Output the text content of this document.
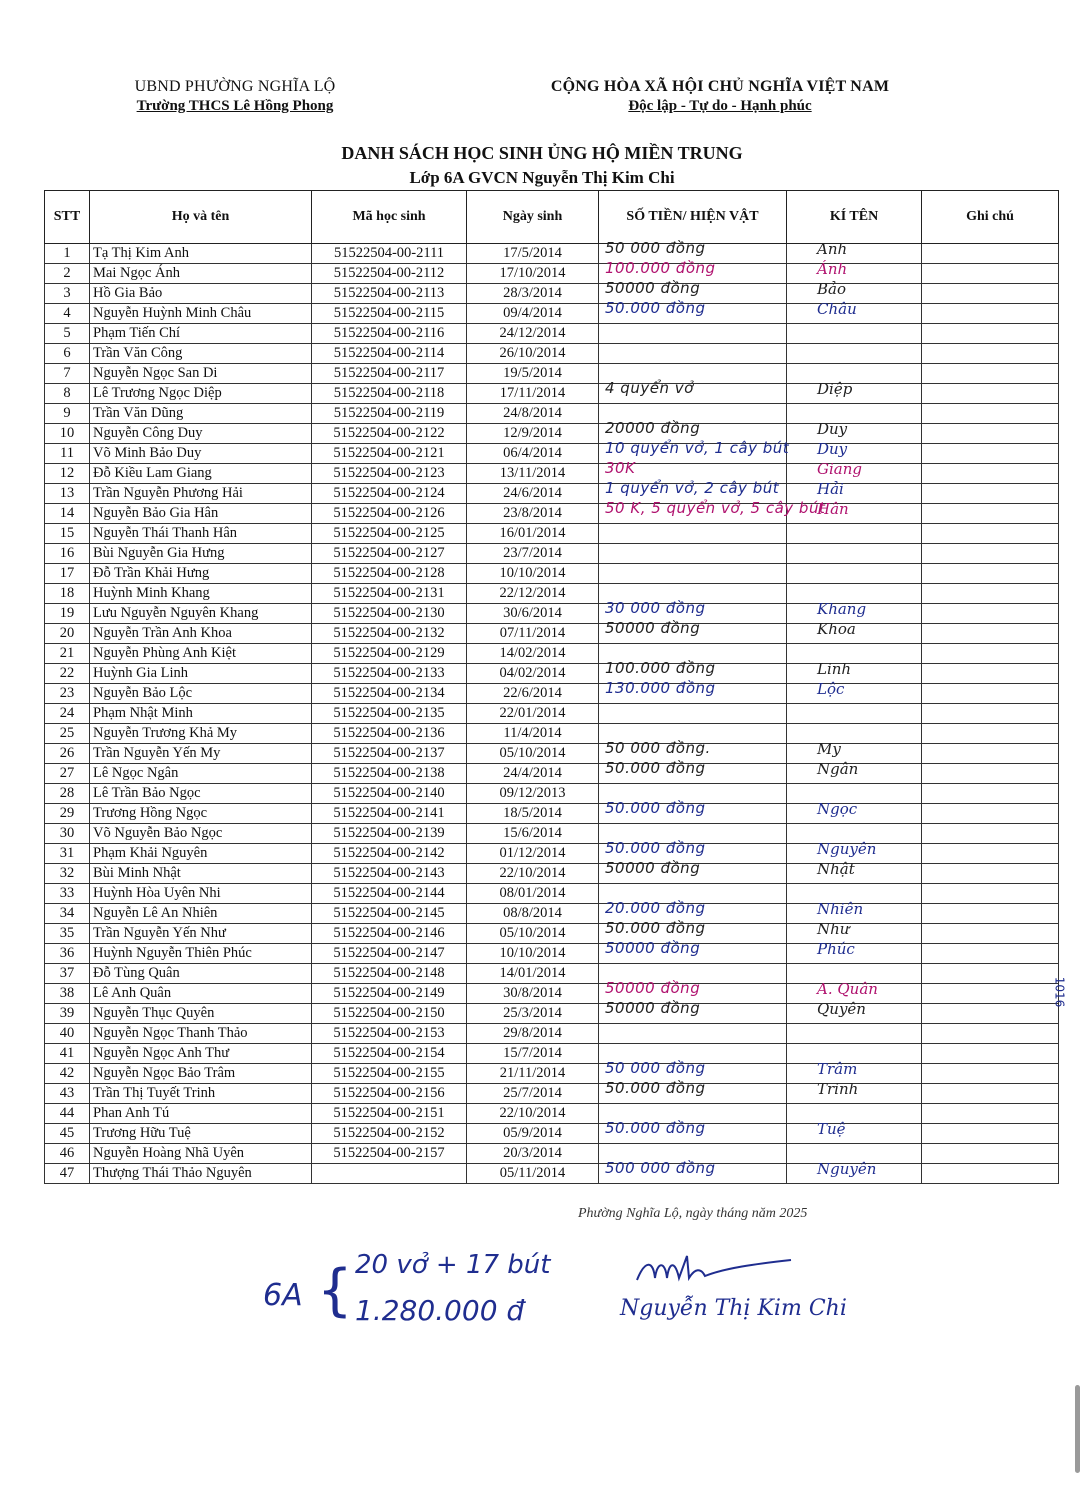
UBND PHƯỜNG NGHĨA LỘ
Trường THCS Lê Hồng Phong
CỘNG HÒA XÃ HỘI CHỦ NGHĨA VIỆT NAM
Độc lập - Tự do - Hạnh phúc
DANH SÁCH HỌC SINH ỦNG HỘ MIỀN TRUNG
Lớp 6A GVCN Nguyễn Thị Kim Chi
STT	Họ và tên	Mã học sinh	Ngày sinh	SỐ TIỀN/ HIỆN VẬT	KÍ TÊN	Ghi chú
1	Tạ Thị Kim Anh	51522504-00-2111	17/5/2014	50 000 đồng	Anh	

2	Mai Ngọc Ánh	51522504-00-2112	17/10/2014	100.000 đồng	Ánh	

3	Hồ Gia Bảo	51522504-00-2113	28/3/2014	50000 đồng	Bảo	

4	Nguyễn Huỳnh Minh Châu	51522504-00-2115	09/4/2014	50.000 đồng	Châu	

5	Phạm Tiến Chí	51522504-00-2116	24/12/2014	

6	Trần Văn Công	51522504-00-2114	26/10/2014	

7	Nguyễn Ngọc San Di	51522504-00-2117	19/5/2014	

8	Lê Trương Ngọc Diệp	51522504-00-2118	17/11/2014	4 quyển vở	Diệp	

9	Trần Văn Dũng	51522504-00-2119	24/8/2014	

10	Nguyễn Công Duy	51522504-00-2122	12/9/2014	20000 đồng	Duy	

11	Võ Minh Bảo Duy	51522504-00-2121	06/4/2014	10 quyển vở, 1 cây bút	Duy	

12	Đỗ Kiều Lam Giang	51522504-00-2123	13/11/2014	30K	Giang	

13	Trần Nguyễn Phương Hải	51522504-00-2124	24/6/2014	1 quyển vở, 2 cây bút	Hải	

14	Nguyễn Bảo Gia Hân	51522504-00-2126	23/8/2014	50 K, 5 quyển vở, 5 cây bút	Hân	

15	Nguyễn Thái Thanh Hân	51522504-00-2125	16/01/2014	

16	Bùi Nguyễn Gia Hưng	51522504-00-2127	23/7/2014	

17	Đỗ Trần Khải Hưng	51522504-00-2128	10/10/2014	

18	Huỳnh Minh Khang	51522504-00-2131	22/12/2014	

19	Lưu Nguyễn Nguyên Khang	51522504-00-2130	30/6/2014	30 000 đồng	Khang	

20	Nguyễn Trần Anh Khoa	51522504-00-2132	07/11/2014	50000 đồng	Khoa	

21	Nguyễn Phùng Anh Kiệt	51522504-00-2129	14/02/2014	

22	Huỳnh Gia Linh	51522504-00-2133	04/02/2014	100.000 đồng	Linh	

23	Nguyễn Bảo Lộc	51522504-00-2134	22/6/2014	130.000 đồng	Lộc	

24	Phạm Nhật Minh	51522504-00-2135	22/01/2014	

25	Nguyễn Trương Khả My	51522504-00-2136	11/4/2014	

26	Trần Nguyễn Yến My	51522504-00-2137	05/10/2014	50 000 đồng.	My	

27	Lê Ngọc Ngân	51522504-00-2138	24/4/2014	50.000 đồng	Ngân	

28	Lê Trần Bảo Ngọc	51522504-00-2140	09/12/2013	

29	Trương Hồng Ngọc	51522504-00-2141	18/5/2014	50.000 đồng	Ngọc	

30	Võ Nguyễn Bảo Ngọc	51522504-00-2139	15/6/2014	

31	Phạm Khải Nguyên	51522504-00-2142	01/12/2014	50.000 đồng	Nguyên	

32	Bùi Minh Nhật	51522504-00-2143	22/10/2014	50000 đồng	Nhật	

33	Huỳnh Hòa Uyên Nhi	51522504-00-2144	08/01/2014	

34	Nguyễn Lê An Nhiên	51522504-00-2145	08/8/2014	20.000 đồng	Nhiên	

35	Trần Nguyễn Yến Như	51522504-00-2146	05/10/2014	50.000 đồng	Như	

36	Huỳnh Nguyễn Thiên Phúc	51522504-00-2147	10/10/2014	50000 đồng	Phúc	

37	Đỗ Tùng Quân	51522504-00-2148	14/01/2014	

38	Lê Anh Quân	51522504-00-2149	30/8/2014	50000 đồng	A. Quân	

39	Nguyễn Thục Quyên	51522504-00-2150	25/3/2014	50000 đồng	Quyên	

40	Nguyễn Ngọc Thanh Thảo	51522504-00-2153	29/8/2014	

41	Nguyễn Ngọc Anh Thư	51522504-00-2154	15/7/2014	

42	Nguyễn Ngọc Bảo Trâm	51522504-00-2155	21/11/2014	50 000 đồng	Trâm	

43	Trần Thị Tuyết Trinh	51522504-00-2156	25/7/2014	50.000 đồng	Trinh	

44	Phan Anh Tú	51522504-00-2151	22/10/2014	

45	Trương Hữu Tuệ	51522504-00-2152	05/9/2014	50.000 đồng	Tuệ	

46	Nguyễn Hoàng Nhã Uyên	51522504-00-2157	20/3/2014	

47	Thượng Thái Thảo Nguyên		05/11/2014	500 000 đồng	Nguyên	

Phường Nghĩa Lộ, ngày tháng năm 2025
6A { 20 vở + 17 bút
1.280.000 đ	Nguyễn Thị Kim Chi
1016
